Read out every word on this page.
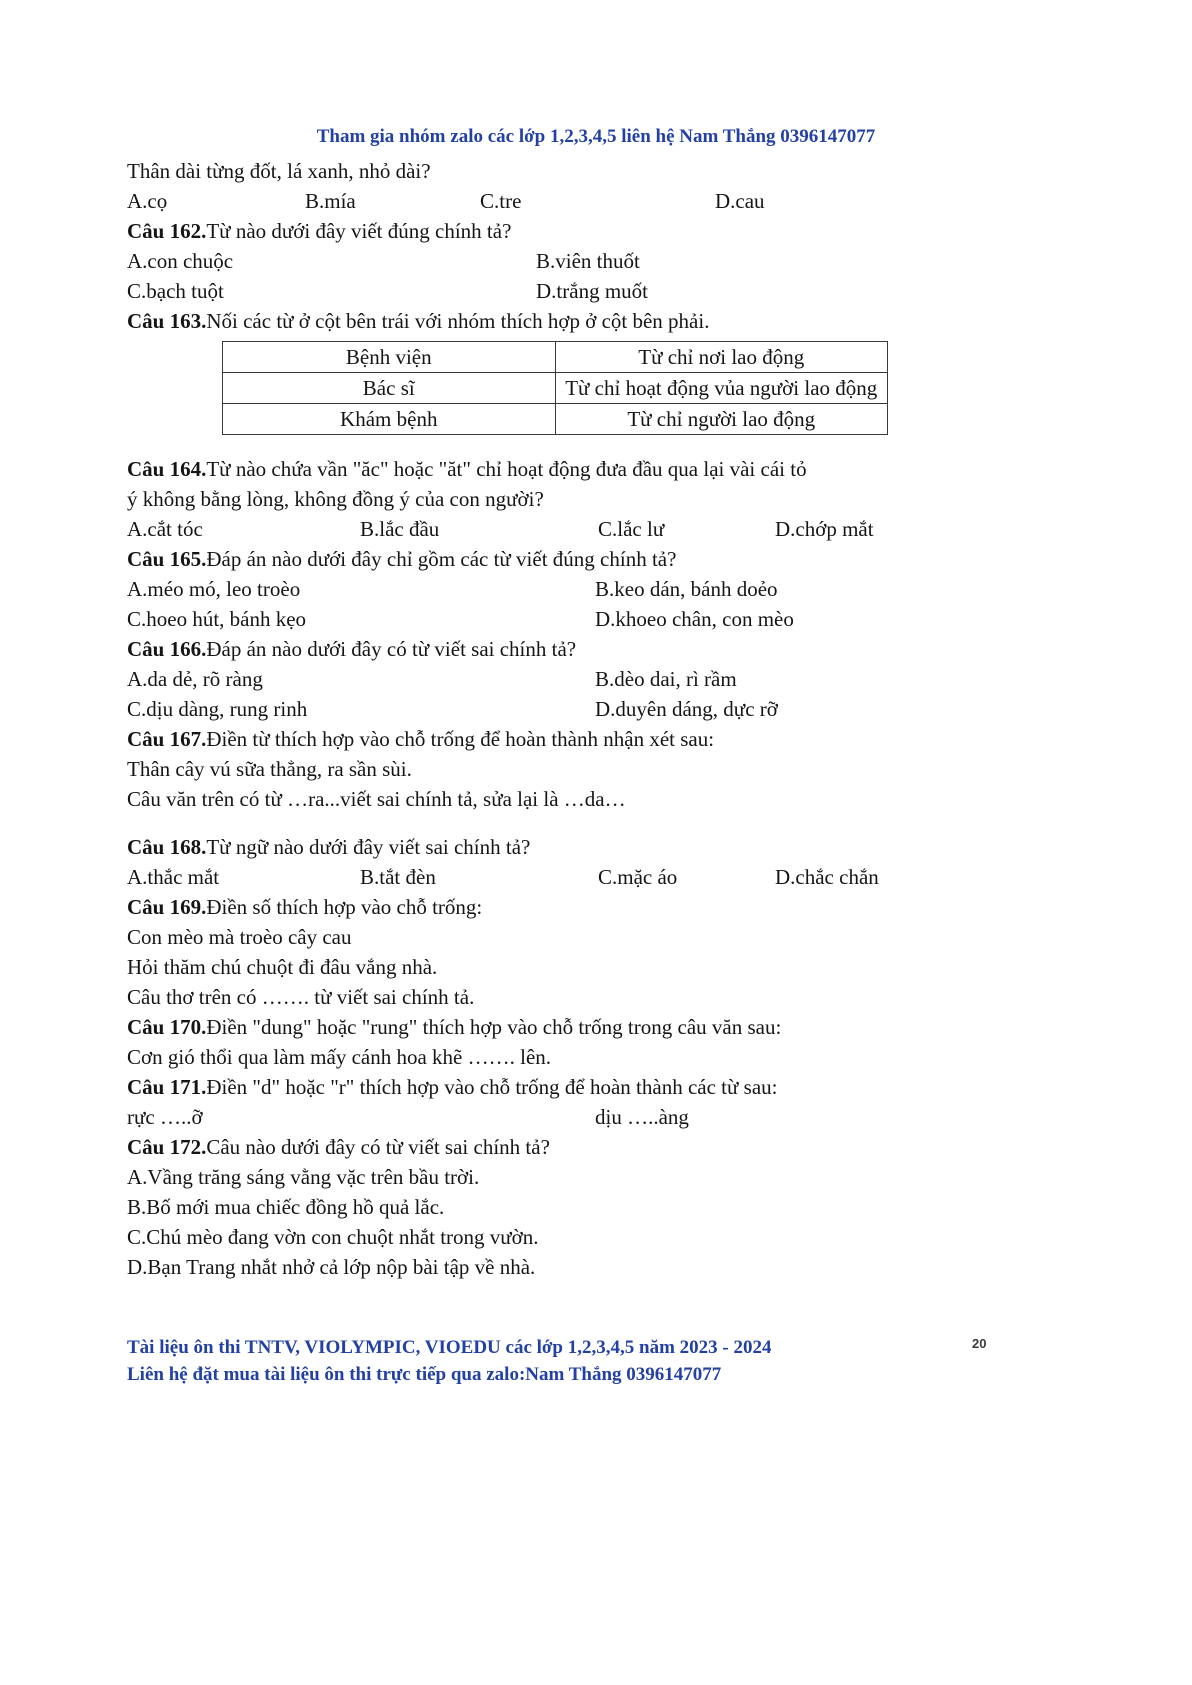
Tham gia nhóm zalo các lớp 1,2,3,4,5 liên hệ Nam Thắng 0396147077
Thân dài từng đốt, lá xanh, nhỏ dài?
A.cọ	B.mía	C.tre	D.cau
Câu 162.Từ nào dưới đây viết đúng chính tả?
A.con chuộc	B.viên thuốt
C.bạch tuột	D.trắng muốt
Câu 163.Nối các từ ở cột bên trái với nhóm thích hợp ở cột bên phải.
Bệnh viện	Từ chỉ nơi lao động
Bác sĩ	Từ chỉ hoạt động vủa người lao động
Khám bệnh	Từ chỉ người lao động
Câu 164.Từ nào chứa vần "ăc" hoặc "ăt" chỉ hoạt động đưa đầu qua lại vài cái tỏ
ý không bằng lòng, không đồng ý của con người?
A.cắt tóc	B.lắc đầu	C.lắc lư	D.chớp mắt
Câu 165.Đáp án nào dưới đây chỉ gồm các từ viết đúng chính tả?
A.méo mó, leo troèo	B.keo dán, bánh doẻo
C.hoeo hút, bánh kẹo	D.khoeo chân, con mèo
Câu 166.Đáp án nào dưới đây có từ viết sai chính tả?
A.da dẻ, rõ ràng	B.dèo dai, rì rầm
C.dịu dàng, rung rinh	D.duyên dáng, dực rỡ
Câu 167.Điền từ thích hợp vào chỗ trống để hoàn thành nhận xét sau:
Thân cây vú sữa thẳng, ra sần sùi.
Câu văn trên có từ …ra...viết sai chính tả, sửa lại là …da…
Câu 168.Từ ngữ nào dưới đây viết sai chính tả?
A.thắc mắt	B.tắt đèn	C.mặc áo	D.chắc chắn
Câu 169.Điền số thích hợp vào chỗ trống:
Con mèo mà troèo cây cau
Hỏi thăm chú chuột đi đâu vắng nhà.
Câu thơ trên có ……. từ viết sai chính tả.
Câu 170.Điền "dung" hoặc "rung" thích hợp vào chỗ trống trong câu văn sau:
Cơn gió thổi qua làm mấy cánh hoa khẽ ……. lên.
Câu 171.Điền "d" hoặc "r" thích hợp vào chỗ trống để hoàn thành các từ sau:
rực …..ỡ	dịu …..àng
Câu 172.Câu nào dưới đây có từ viết sai chính tả?
A.Vầng trăng sáng vằng vặc trên bầu trời.
B.Bố mới mua chiếc đồng hồ quả lắc.
C.Chú mèo đang vờn con chuột nhắt trong vườn.
D.Bạn Trang nhắt nhở cả lớp nộp bài tập về nhà.
Tài liệu ôn thi TNTV, VIOLYMPIC, VIOEDU các lớp 1,2,3,4,5 năm 2023 - 2024
Liên hệ đặt mua tài liệu ôn thi trực tiếp qua zalo:Nam Thắng 0396147077
20
